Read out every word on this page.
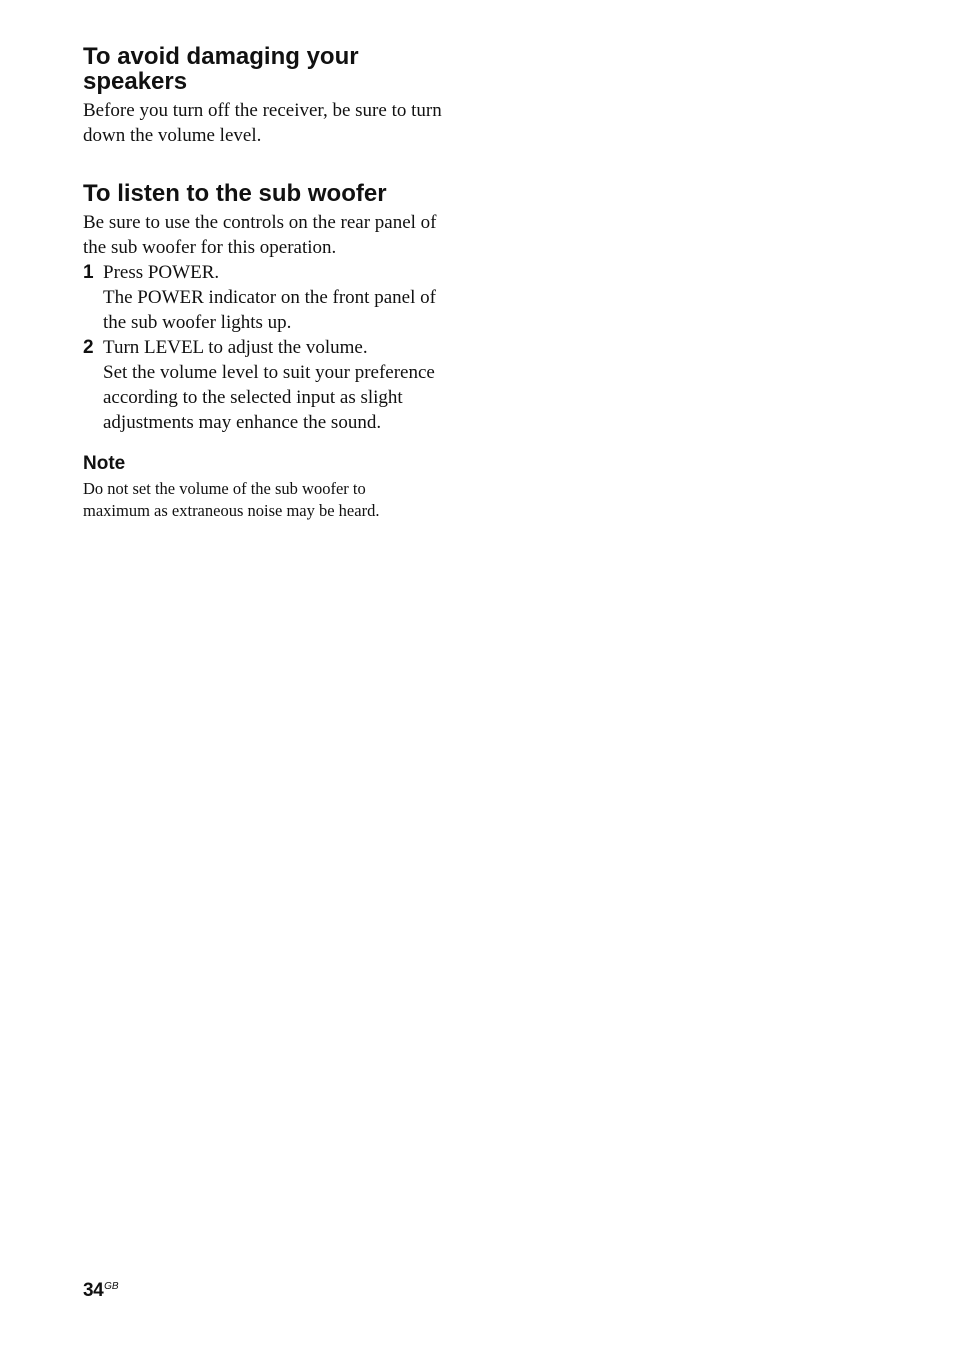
To avoid damaging your
speakers

Before you turn off the receiver, be sure to turn
down the volume level.

To listen to the sub woofer

Be sure to use the controls on the rear panel of
the sub woofer for this operation.

1 Press POWER.
The POWER indicator on the front panel of
the sub woofer lights up.

2 Turn LEVEL to adjust the volume.
Set the volume level to suit your preference
according to the selected input as slight
adjustments may enhance the sound.

Note

Do not set the volume of the sub woofer to
maximum as extraneous noise may be heard.

$34^{GB}$
